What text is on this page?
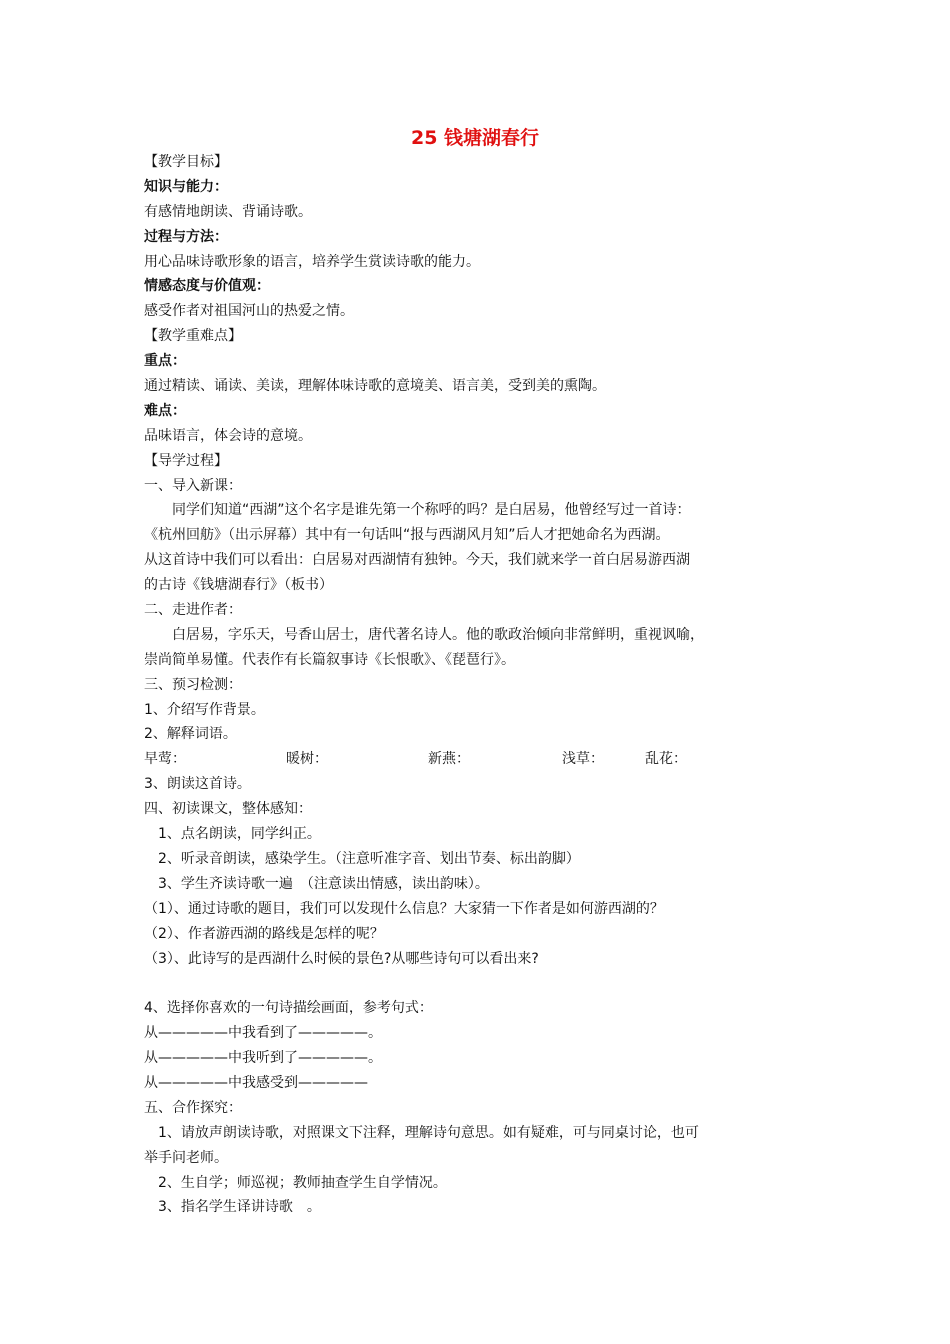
25 钱塘湖春行
【教学目标】
知识与能力：
有感情地朗读、背诵诗歌。
过程与方法：
用心品味诗歌形象的语言，培养学生赏读诗歌的能力。
情感态度与价值观：
感受作者对祖国河山的热爱之情。
【教学重难点】
重点：
通过精读、诵读、美读，理解体味诗歌的意境美、语言美，受到美的熏陶。
难点：
品味语言，体会诗的意境。
【导学过程】
一、导入新课：
同学们知道“西湖”这个名字是谁先第一个称呼的吗？是白居易，他曾经写过一首诗：
《杭州回舫》（出示屏幕）其中有一句话叫“报与西湖风月知”后人才把她命名为西湖。
从这首诗中我们可以看出：白居易对西湖情有独钟。今天，我们就来学一首白居易游西湖
的古诗《钱塘湖春行》（板书）
二、走进作者：
白居易，字乐天，号香山居士，唐代著名诗人。他的歌政治倾向非常鲜明，重视讽喻，
崇尚简单易懂。代表作有长篇叙事诗《长恨歌》、《琵琶行》。
三、预习检测：
1、介绍写作背景。
2、解释词语。
早莺：	暖树：	新燕：	浅草：	乱花：
3、朗读这首诗。
四、初读课文，整体感知：
1、点名朗读，同学纠正。
2、听录音朗读，感染学生。（注意听准字音、划出节奏、标出韵脚）
3、学生齐读诗歌一遍　（注意读出情感，读出韵味）。
（1）、通过诗歌的题目，我们可以发现什么信息？大家猜一下作者是如何游西湖的？
（2）、作者游西湖的路线是怎样的呢？
（3）、此诗写的是西湖什么时候的景色?从哪些诗句可以看出来?
4、选择你喜欢的一句诗描绘画面，参考句式：
从—————中我看到了—————。
从—————中我听到了—————。
从—————中我感受到—————
五、合作探究：
1、请放声朗读诗歌，对照课文下注释，理解诗句意思。如有疑难，可与同桌讨论，也可
举手问老师。
2、生自学；师巡视；教师抽查学生自学情况。
3、指名学生译讲诗歌　。
